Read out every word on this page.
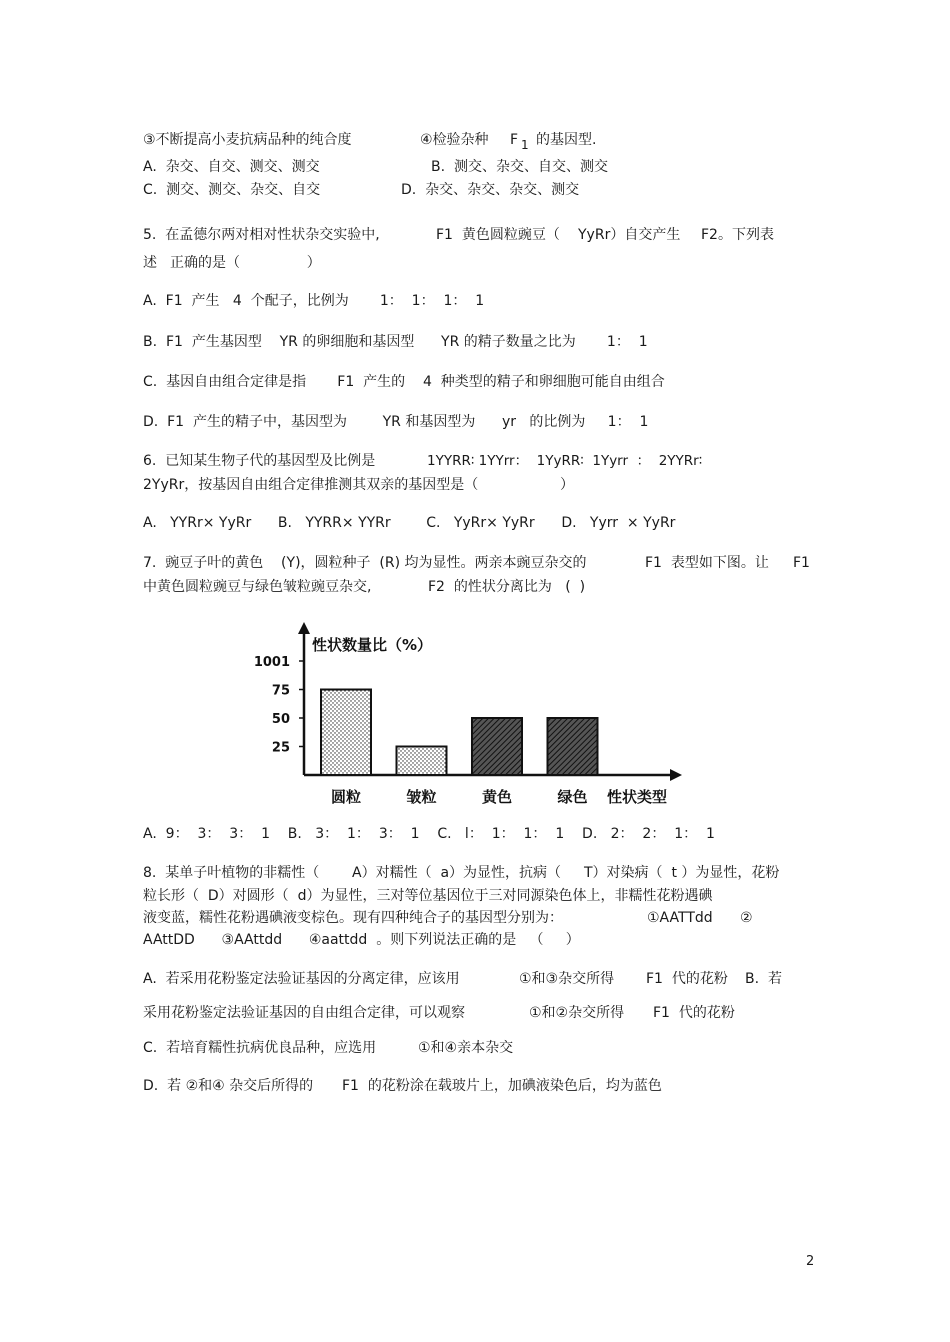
③不断提高小麦抗病品种的纯合度	④检验杂种 F 1 的基因型.
A.  杂交、自交、测交、测交	B.  测交、杂交、自交、测交
C.  测交、测交、杂交、自交	D.  杂交、杂交、杂交、测交
5.  在孟德尔两对相对性状杂交实验中,	F1  黄色圆粒豌豆（ YyRr）自交产生 F2。下列表
述 正确的是（               ）
A.  F1  产生   4  个配子，比例为       1：  1：  1：  1
B.  F1  产生基因型    YR 的卵细胞和基因型      YR 的精子数量之比为       1：  1
C.  基因自由组合定律是指       F1  产生的    4  种类型的精子和卵细胞可能自由组合
D.  F1  产生的精子中，基因型为        YR 和基因型为      yr   的比例为     1：  1
6.  已知某生物子代的基因型及比例是	1YYRR∶ 1YYrr：  1YyRR∶  1Yyrr  ：  2YYRr∶
2YyRr，按基因自由组合定律推测其双亲的基因型是（	）
A.   YYRr× YyRr      B.   YYRR× YYRr        C.   YyRr× YyRr      D.   Yyrr  × YyRr
7.  豌豆子叶的黄色    (Y)，圆粒种子  (R) 均为显性。两亲本豌豆杂交的	F1  表型如下图。让 F1
中黄色圆粒豌豆与绿色皱粒豌豆杂交,	F2  的性状分离比为   (  )
性状数量比（%）
1001
75
50
25
圆粒	皱粒	黄色	绿色 性状类型
A.  9：  3：  3：  1    B.   3：  1：  3：  1    C.   l：  1：  1：  1    D.   2：  2：  1：  1
8.  某单子叶植物的非糯性（ A）对糯性（  a）为显性，抗病（ T）对染病（  t ）为显性，花粉
粒长形（  D）对圆形（  d）为显性，三对等位基因位于三对同源染色体上，非糯性花粉遇碘
液变蓝，糯性花粉遇碘液变棕色。现有四种纯合子的基因型分别为：	①AATTdd ②
AAttDD      ③AAttdd      ④aattdd  。则下列说法正确的是   （     ）
A.  若采用花粉鉴定法验证基因的分离定律，应该用	①和③杂交所得 F1  代的花粉 B.  若
采用花粉鉴定法验证基因的自由组合定律，可以观察	①和②杂交所得 F1  代的花粉
C.  若培育糯性抗病优良品种，应选用	①和④亲本杂交
D.  若 ②和④ 杂交后所得的 F1  的花粉涂在载玻片上，加碘液染色后，均为蓝色
2
